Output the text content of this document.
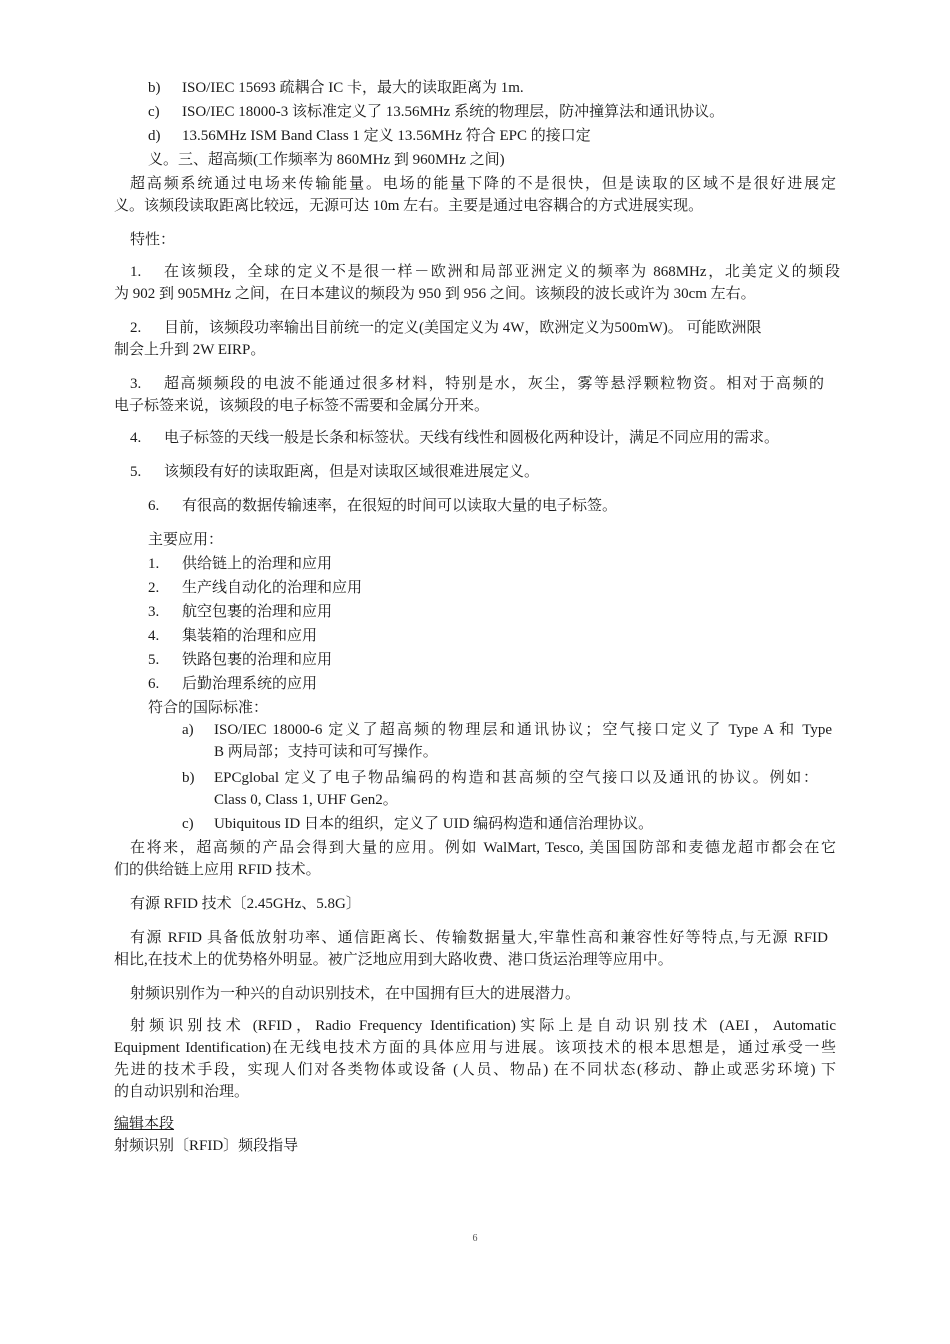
b) ISO/IEC 15693 疏耦合 IC 卡，最大的读取距离为 1m.
c) ISO/IEC 18000-3 该标准定义了 13.56MHz 系统的物理层，防冲撞算法和通讯协议。
d) 13.56MHz ISM Band Class 1 定义 13.56MHz 符合 EPC 的接口定
义。三、超高频(工作频率为 860MHz 到 960MHz 之间)
超高频系统通过电场来传输能量。电场的能量下降的不是很快，但是读取的区域不是很好进展定
义。该频段读取距离比较远，无源可达 10m 左右。主要是通过电容耦合的方式进展实现。
特性：
1. 在该频段，全球的定义不是很一样－欧洲和局部亚洲定义的频率为 868MHz，北美定义的频段
为 902 到 905MHz 之间，在日本建议的频段为 950 到 956 之间。该频段的波长或许为 30cm 左右。
2. 目前，该频段功率输出目前统一的定义(美国定义为 4W，欧洲定义为500mW)。 可能欧洲限
制会上升到 2W EIRP。
3. 超高频频段的电波不能通过很多材料，特别是水，灰尘，雾等悬浮颗粒物资。相对于高频的
电子标签来说，该频段的电子标签不需要和金属分开来。
4. 电子标签的天线一般是长条和标签状。天线有线性和圆极化两种设计，满足不同应用的需求。
5. 该频段有好的读取距离，但是对读取区域很难进展定义。
6. 有很高的数据传输速率，在很短的时间可以读取大量的电子标签。
主要应用：
1. 供给链上的治理和应用
2. 生产线自动化的治理和应用
3. 航空包裹的治理和应用
4. 集装箱的治理和应用
5. 铁路包裹的治理和应用
6. 后勤治理系统的应用
符合的国际标准：
a) ISO/IEC 18000-6 定义了超高频的物理层和通讯协议；空气接口定义了 Type A 和 Type
B 两局部；支持可读和可写操作。
b) EPCglobal 定义了电子物品编码的构造和甚高频的空气接口以及通讯的协议。例如：
Class 0, Class 1, UHF Gen2。
c) Ubiquitous ID 日本的组织，定义了 UID 编码构造和通信治理协议。
在将来，超高频的产品会得到大量的应用。例如 WalMart, Tesco, 美国国防部和麦德龙超市都会在它
们的供给链上应用 RFID 技术。
有源 RFID 技术〔2.45GHz、5.8G〕
有源 RFID 具备低放射功率、通信距离长、传输数据量大,牢靠性高和兼容性好等特点,与无源 RFID
相比,在技术上的优势格外明显。被广泛地应用到大路收费、港口货运治理等应用中。
射频识别作为一种兴的自动识别技术，在中国拥有巨大的进展潜力。
射频识别技术 (RFID，Radio Frequency Identification)实际上是自动识别技术 (AEI，Automatic
Equipment Identification)在无线电技术方面的具体应用与进展。该项技术的根本思想是，通过承受一些
先进的技术手段，实现人们对各类物体或设备 (人员、物品) 在不同状态(移动、静止或恶劣环境) 下
的自动识别和治理。
编辑本段
射频识别〔RFID〕频段指导
6
